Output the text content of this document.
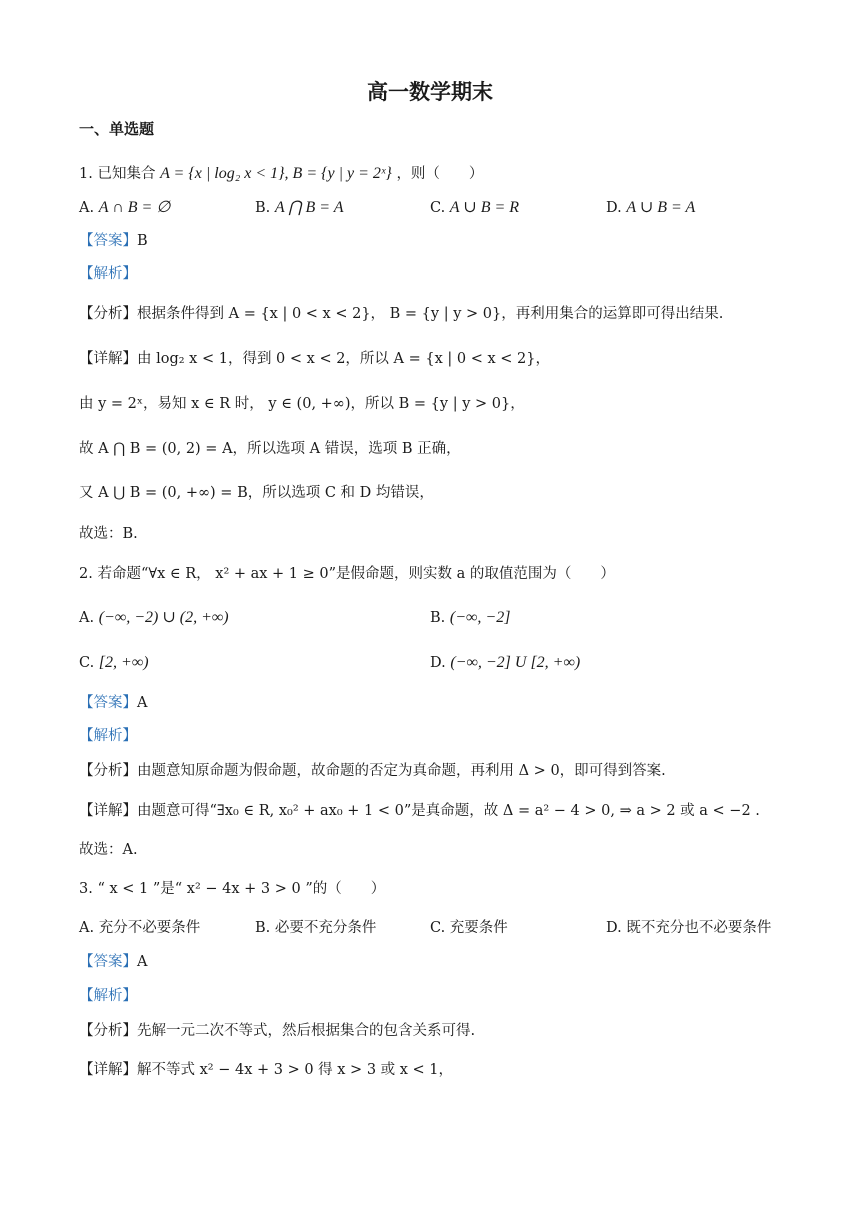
高一数学期末
一、单选题
1. 已知集合 A = {x | log₂ x < 1}, B = {y | y = 2ˣ} ，则（　　）
A. A ∩ B = ∅	B. A ⋂ B = A	C. A ∪ B = R	D. A ∪ B = A
【答案】B
【解析】
【分析】根据条件得到 A = {x | 0 < x < 2}， B = {y | y > 0}，再利用集合的运算即可得出结果.
【详解】由 log₂ x < 1，得到 0 < x < 2，所以 A = {x | 0 < x < 2}，
由 y = 2ˣ，易知 x ∈ R 时， y ∈ (0, +∞)，所以 B = {y | y > 0}，
故 A ⋂ B = (0, 2) = A，所以选项 A 错误，选项 B 正确，
又 A ⋃ B = (0, +∞) = B，所以选项 C 和 D 均错误，
故选：B.
2. 若命题“∀x ∈ R， x² + ax + 1 ≥ 0”是假命题，则实数 a 的取值范围为（　　）
A. (−∞, −2) ∪ (2, +∞)	B. (−∞, −2]
C. [2, +∞)	D. (−∞, −2] U [2, +∞)
【答案】A
【解析】
【分析】由题意知原命题为假命题，故命题的否定为真命题，再利用 Δ > 0，即可得到答案.
【详解】由题意可得“∃x₀ ∈ R, x₀² + ax₀ + 1 < 0”是真命题，故 Δ = a² − 4 > 0, ⇒ a > 2 或 a < −2 .
故选：A.
3. “ x < 1 ”是“ x² − 4x + 3 > 0 ”的（　　）
A. 充分不必要条件	B. 必要不充分条件	C. 充要条件	D. 既不充分也不必要条件
【答案】A
【解析】
【分析】先解一元二次不等式，然后根据集合的包含关系可得.
【详解】解不等式 x² − 4x + 3 > 0 得 x > 3 或 x < 1，
